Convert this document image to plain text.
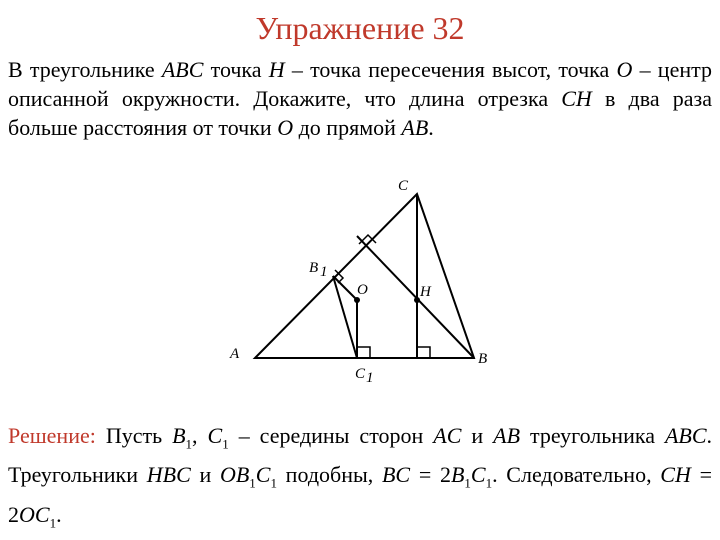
Упражнение 32
В треугольнике ABC точка H – точка пересечения высот, точка O – центр описанной окружности. Докажите, что длина отрезка CH в два раза больше расстояния от точки O до прямой AB.
A	B
C
H
O
B 1
C 1
Решение: Пусть $B_1$, $C_1$ – середины сторон AC и AB треугольника ABC. Треугольники HBC и $OB_1C_1$ подобны, BC = $2B_1C_1$. Следовательно, CH = $2OC_1$.
